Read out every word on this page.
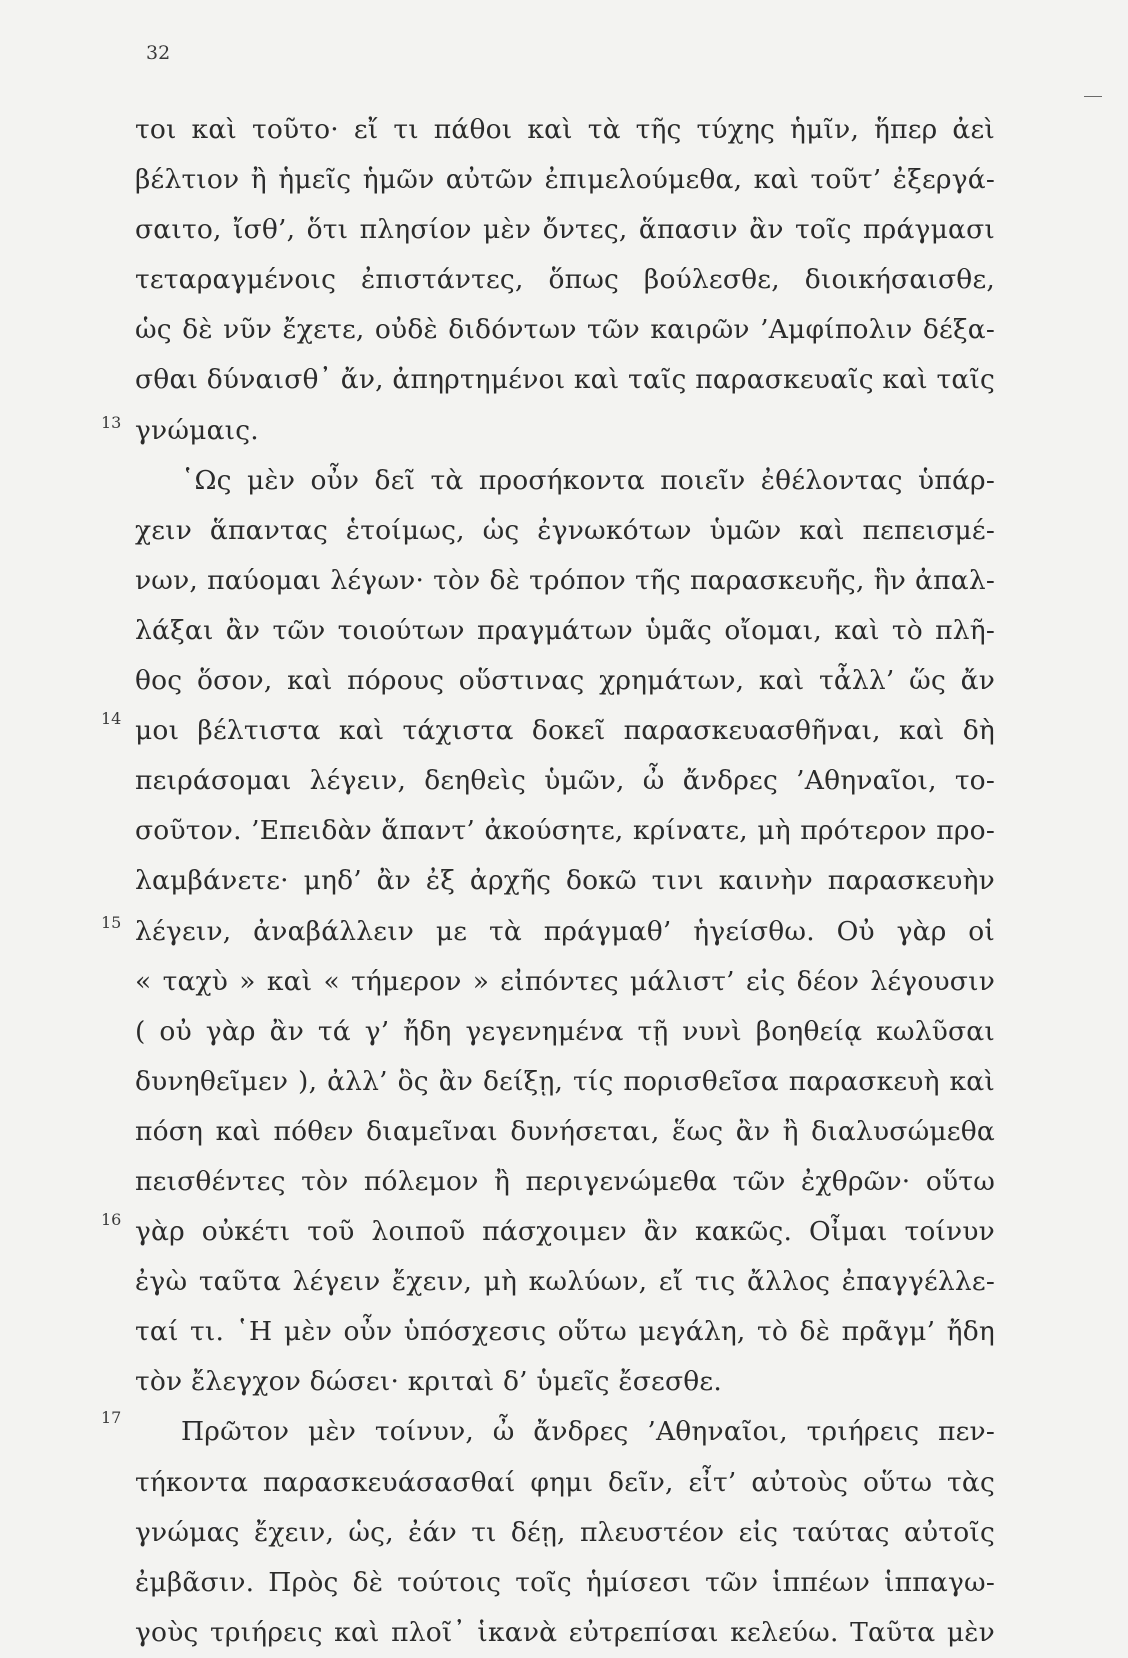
32
13
14
15
16
17
τοι καὶ τοῦτο· εἴ τι πάθοι καὶ τὰ τῆς τύχης ἡμῖν, ἥπερ ἀεὶ
βέλτιον ἢ ἡμεῖς ἡμῶν αὐτῶν ἐπιμελούμεθα, καὶ τοῦτ’ ἐξεργά-
σαιτο, ἴσθ’, ὅτι πλησίον μὲν ὄντες, ἅπασιν ἂν τοῖς πράγμασι
τεταραγμένοις ἐπιστάντες, ὅπως βούλεσθε, διοικήσαισθε,
ὡς δὲ νῦν ἔχετε, οὐδὲ διδόντων τῶν καιρῶν ’Αμφίπολιν δέξα-
σθαι δύναισθ᾽ ἄν, ἀπηρτημένοι καὶ ταῖς παρασκευαῖς καὶ ταῖς
γνώμαις.
῾Ως μὲν οὖν δεῖ τὰ προσήκοντα ποιεῖν ἐθέλοντας ὑπάρ-
χειν ἅπαντας ἑτοίμως, ὡς ἐγνωκότων ὑμῶν καὶ πεπεισμέ-
νων, παύομαι λέγων· τὸν δὲ τρόπον τῆς παρασκευῆς, ἣν ἀπαλ-
λάξαι ἂν τῶν τοιούτων πραγμάτων ὑμᾶς οἴομαι, καὶ τὸ πλῆ-
θος ὅσον, καὶ πόρους οὕστινας χρημάτων, καὶ τἆλλ’ ὥς ἄν
μοι βέλτιστα καὶ τάχιστα δοκεῖ παρασκευασθῆναι, καὶ δὴ
πειράσομαι λέγειν, δεηθεὶς ὑμῶν, ὦ ἄνδρες ’Αθηναῖοι, το-
σοῦτον. ’Επειδὰν ἅπαντ’ ἀκούσητε, κρίνατε, μὴ πρότερον προ-
λαμβάνετε· μηδ’ ἂν ἐξ ἀρχῆς δοκῶ τινι καινὴν παρασκευὴν
λέγειν, ἀναβάλλειν με τὰ πράγμαθ’ ἡγείσθω. Οὐ γὰρ οἱ
« ταχὺ » καὶ « τήμερον » εἰπόντες μάλιστ’ εἰς δέον λέγουσιν
( οὐ γὰρ ἂν τά γ’ ἤδη γεγενημένα τῇ νυνὶ βοηθείᾳ κωλῦσαι
δυνηθεῖμεν ), ἀλλ’ ὃς ἂν δείξῃ, τίς πορισθεῖσα παρασκευὴ καὶ
πόση καὶ πόθεν διαμεῖναι δυνήσεται, ἕως ἂν ἢ διαλυσώμεθα
πεισθέντες τὸν πόλεμον ἢ περιγενώμεθα τῶν ἐχθρῶν· οὕτω
γὰρ οὐκέτι τοῦ λοιποῦ πάσχοιμεν ἂν κακῶς. Οἶμαι τοίνυν
ἐγὼ ταῦτα λέγειν ἔχειν, μὴ κωλύων, εἴ τις ἄλλος ἐπαγγέλλε-
ταί τι. ῾Η μὲν οὖν ὑπόσχεσις οὕτω μεγάλη, τὸ δὲ πρᾶγμ’ ἤδη
τὸν ἔλεγχον δώσει· κριταὶ δ’ ὑμεῖς ἔσεσθε.
Πρῶτον μὲν τοίνυν, ὦ ἄνδρες ’Αθηναῖοι, τριήρεις πεν-
τήκοντα παρασκευάσασθαί φημι δεῖν, εἶτ’ αὐτοὺς οὕτω τὰς
γνώμας ἔχειν, ὡς, ἐάν τι δέῃ, πλευστέον εἰς ταύτας αὐτοῖς
ἐμβᾶσιν. Πρὸς δὲ τούτοις τοῖς ἡμίσεσι τῶν ἱππέων ἱππαγω-
γοὺς τριήρεις καὶ πλοῖ᾽ ἱκανὰ εὐτρεπίσαι κελεύω. Ταῦτα μὲν
